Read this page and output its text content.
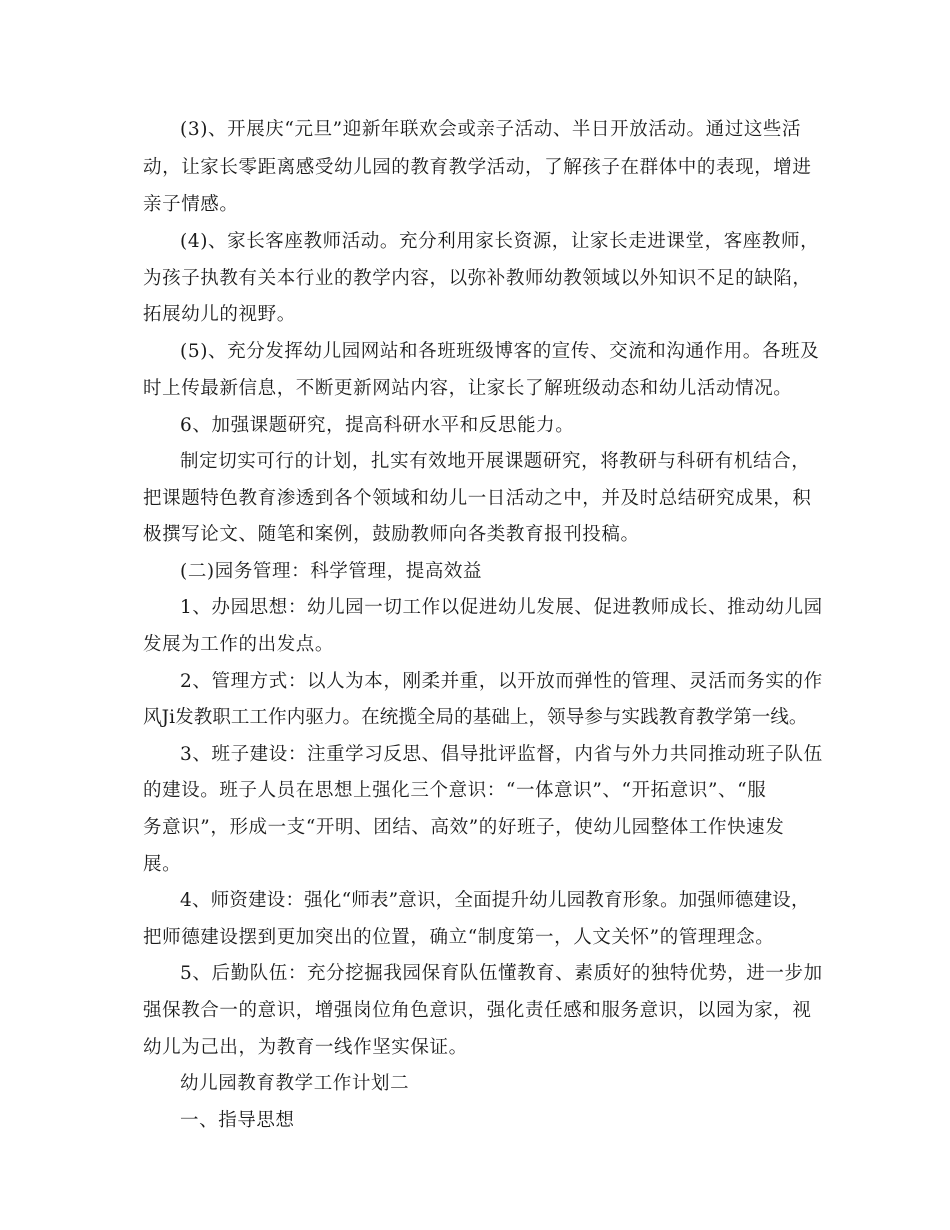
(3)、开展庆“元旦”迎新年联欢会或亲子活动、半日开放活动。通过这些活
动，让家长零距离感受幼儿园的教育教学活动，了解孩子在群体中的表现，增进
亲子情感。
(4)、家长客座教师活动。充分利用家长资源，让家长走进课堂，客座教师，
为孩子执教有关本行业的教学内容，以弥补教师幼教领域以外知识不足的缺陷，
拓展幼儿的视野。
(5)、充分发挥幼儿园网站和各班班级博客的宣传、交流和沟通作用。各班及
时上传最新信息，不断更新网站内容，让家长了解班级动态和幼儿活动情况。
6、加强课题研究，提高科研水平和反思能力。
制定切实可行的计划，扎实有效地开展课题研究，将教研与科研有机结合，
把课题特色教育渗透到各个领域和幼儿一日活动之中，并及时总结研究成果，积
极撰写论文、随笔和案例，鼓励教师向各类教育报刊投稿。
(二)园务管理：科学管理，提高效益
1、办园思想：幼儿园一切工作以促进幼儿发展、促进教师成长、推动幼儿园
发展为工作的出发点。
2、管理方式：以人为本，刚柔并重，以开放而弹性的管理、灵活而务实的作
风Ji发教职工工作内驱力。在统揽全局的基础上，领导参与实践教育教学第一线。
3、班子建设：注重学习反思、倡导批评监督，内省与外力共同推动班子队伍
的建设。班子人员在思想上强化三个意识：“一体意识”、“开拓意识”、“服
务意识”，形成一支“开明、团结、高效”的好班子，使幼儿园整体工作快速发
展。
4、师资建设：强化“师表”意识，全面提升幼儿园教育形象。加强师德建设，
把师德建设摆到更加突出的位置，确立“制度第一，人文关怀”的管理理念。
5、后勤队伍：充分挖掘我园保育队伍懂教育、素质好的独特优势，进一步加
强保教合一的意识，增强岗位角色意识，强化责任感和服务意识，以园为家，视
幼儿为己出，为教育一线作坚实保证。
幼儿园教育教学工作计划二
一、指导思想
